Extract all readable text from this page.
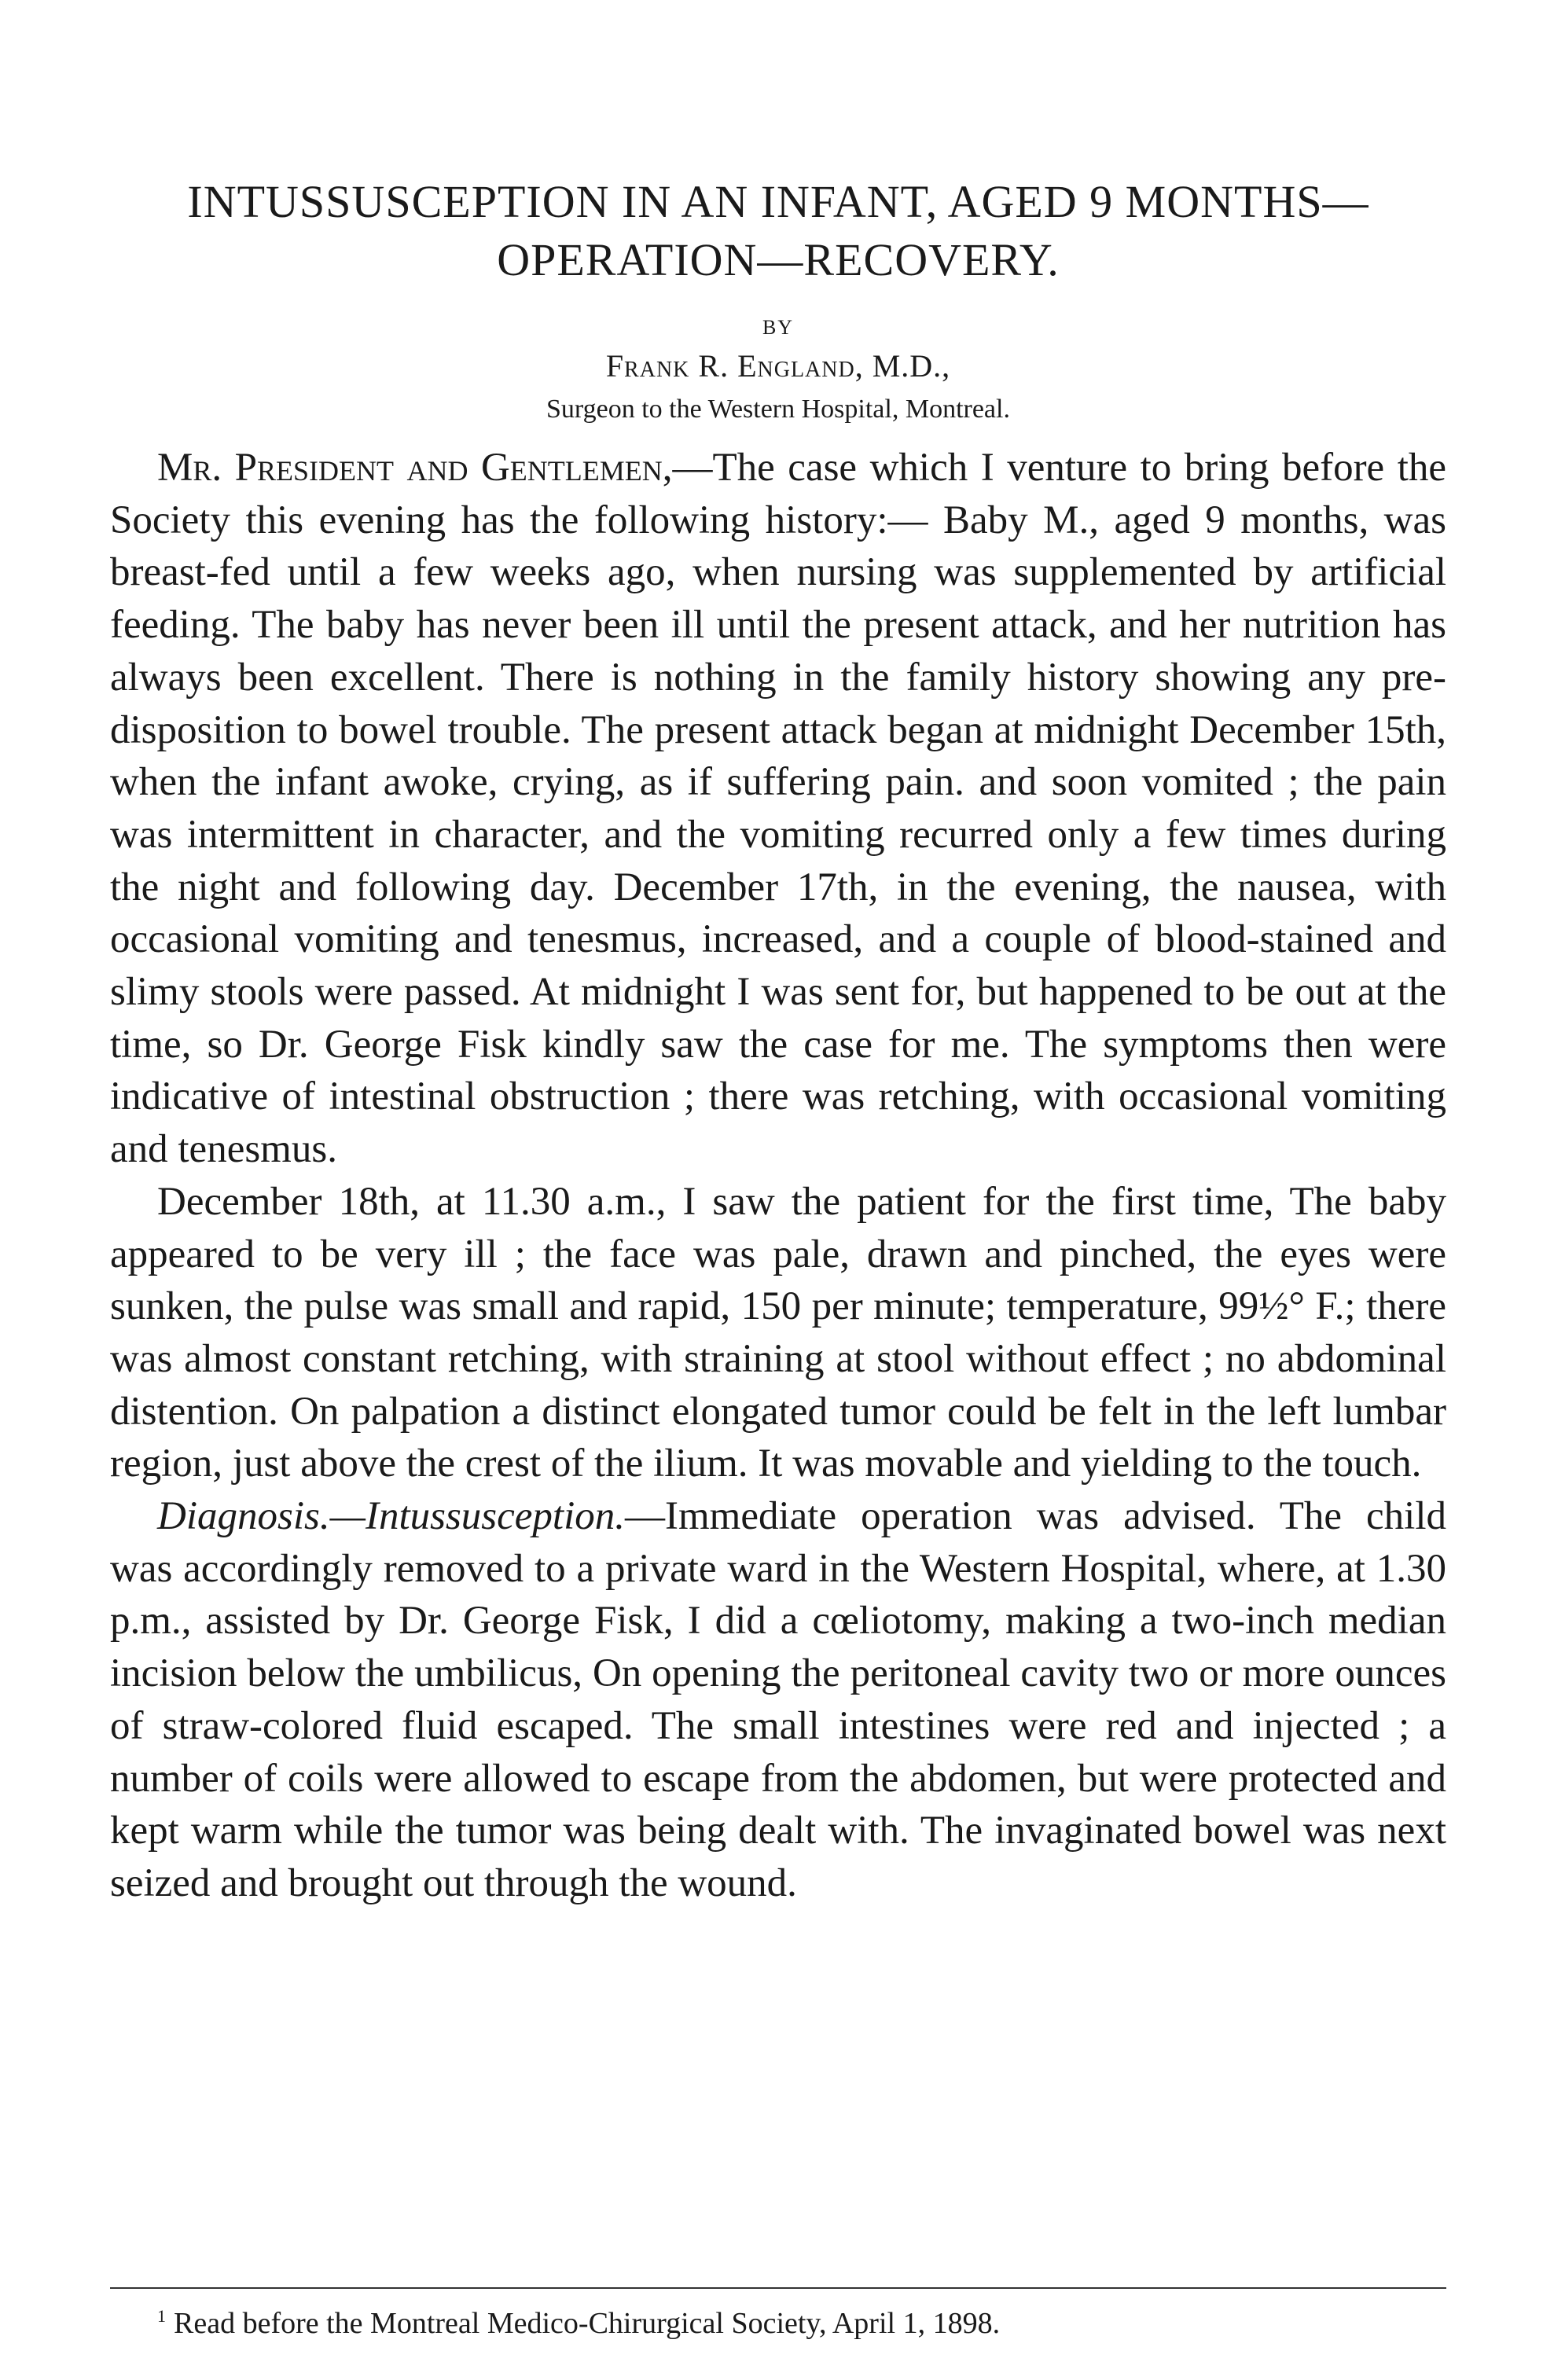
INTUSSUSCEPTION IN AN INFANT, AGED 9 MONTHS—
OPERATION—RECOVERY.
BY
Frank R. England, M.D.,
Surgeon to the Western Hospital, Montreal.

Mr. President and Gentlemen,—The case which I venture to bring before the Society this evening has the following history:— Baby M., aged 9 months, was breast-fed until a few weeks ago, when nursing was supplemented by artificial feeding. The baby has never been ill until the present attack, and her nutrition has always been excellent. There is nothing in the family history showing any predisposition to bowel trouble. The present attack began at midnight December 15th, when the infant awoke, crying, as if suffering pain. and soon vomited ; the pain was intermittent in character, and the vomiting recurred only a few times during the night and following day. December 17th, in the evening, the nausea, with occasional vomiting and tenesmus, increased, and a couple of blood-stained and slimy stools were passed. At midnight I was sent for, but happened to be out at the time, so Dr. George Fisk kindly saw the case for me. The symptoms then were indicative of intestinal obstruction ; there was retching, with occasional vomiting and tenesmus.

December 18th, at 11.30 a.m., I saw the patient for the first time, The baby appeared to be very ill ; the face was pale, drawn and pinched, the eyes were sunken, the pulse was small and rapid, 150 per minute; temperature, 99½° F.; there was almost constant retching, with straining at stool without effect ; no abdominal distention. On palpation a distinct elongated tumor could be felt in the left lumbar region, just above the crest of the ilium. It was movable and yielding to the touch.

Diagnosis.—Intussusception.—Immediate operation was advised. The child was accordingly removed to a private ward in the Western Hospital, where, at 1.30 p.m., assisted by Dr. George Fisk, I did a cœliotomy, making a two-inch median incision below the umbilicus, On opening the peritoneal cavity two or more ounces of straw-colored fluid escaped. The small intestines were red and injected ; a number of coils were allowed to escape from the abdomen, but were protected and kept warm while the tumor was being dealt with. The invaginated bowel was next seized and brought out through the wound.

$^1$ Read before the Montreal Medico-Chirurgical Society, April 1, 1898.
